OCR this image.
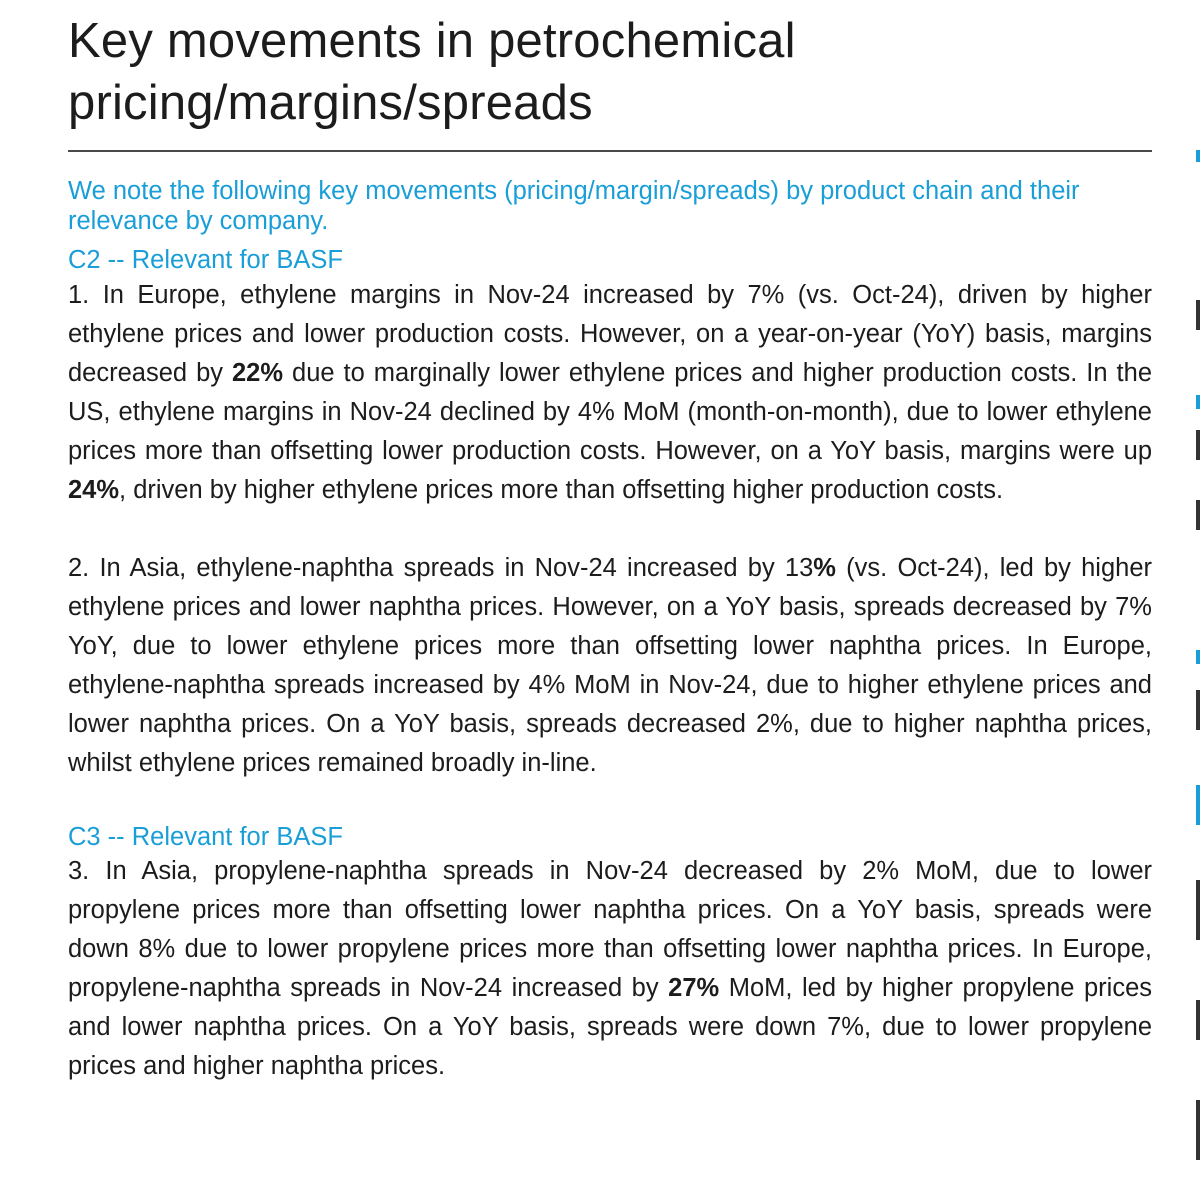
Key movements in petrochemical pricing/margins/spreads
We note the following key movements (pricing/margin/spreads) by product chain and their relevance by company.
C2 -- Relevant for BASF

1. In Europe, ethylene margins in Nov-24 increased by 7% (vs. Oct-24), driven by higher ethylene prices and lower production costs. However, on a year-on-year (YoY) basis, margins decreased by 22% due to marginally lower ethylene prices and higher production costs. In the US, ethylene margins in Nov-24 declined by 4% MoM (month-on-month), due to lower ethylene prices more than offsetting lower production costs. However, on a YoY basis, margins were up 24%, driven by higher ethylene prices more than offsetting higher production costs.

2. In Asia, ethylene-naphtha spreads in Nov-24 increased by 13% (vs. Oct-24), led by higher ethylene prices and lower naphtha prices. However, on a YoY basis, spreads decreased by 7% YoY, due to lower ethylene prices more than offsetting lower naphtha prices. In Europe, ethylene-naphtha spreads increased by 4% MoM in Nov-24, due to higher ethylene prices and lower naphtha prices. On a YoY basis, spreads decreased 2%, due to higher naphtha prices, whilst ethylene prices remained broadly in-line.

C3 -- Relevant for BASF

3. In Asia, propylene-naphtha spreads in Nov-24 decreased by 2% MoM, due to lower propylene prices more than offsetting lower naphtha prices. On a YoY basis, spreads were down 8% due to lower propylene prices more than offsetting lower naphtha prices. In Europe, propylene-naphtha spreads in Nov-24 increased by 27% MoM, led by higher propylene prices and lower naphtha prices. On a YoY basis, spreads were down 7%, due to lower propylene prices and higher naphtha prices.
